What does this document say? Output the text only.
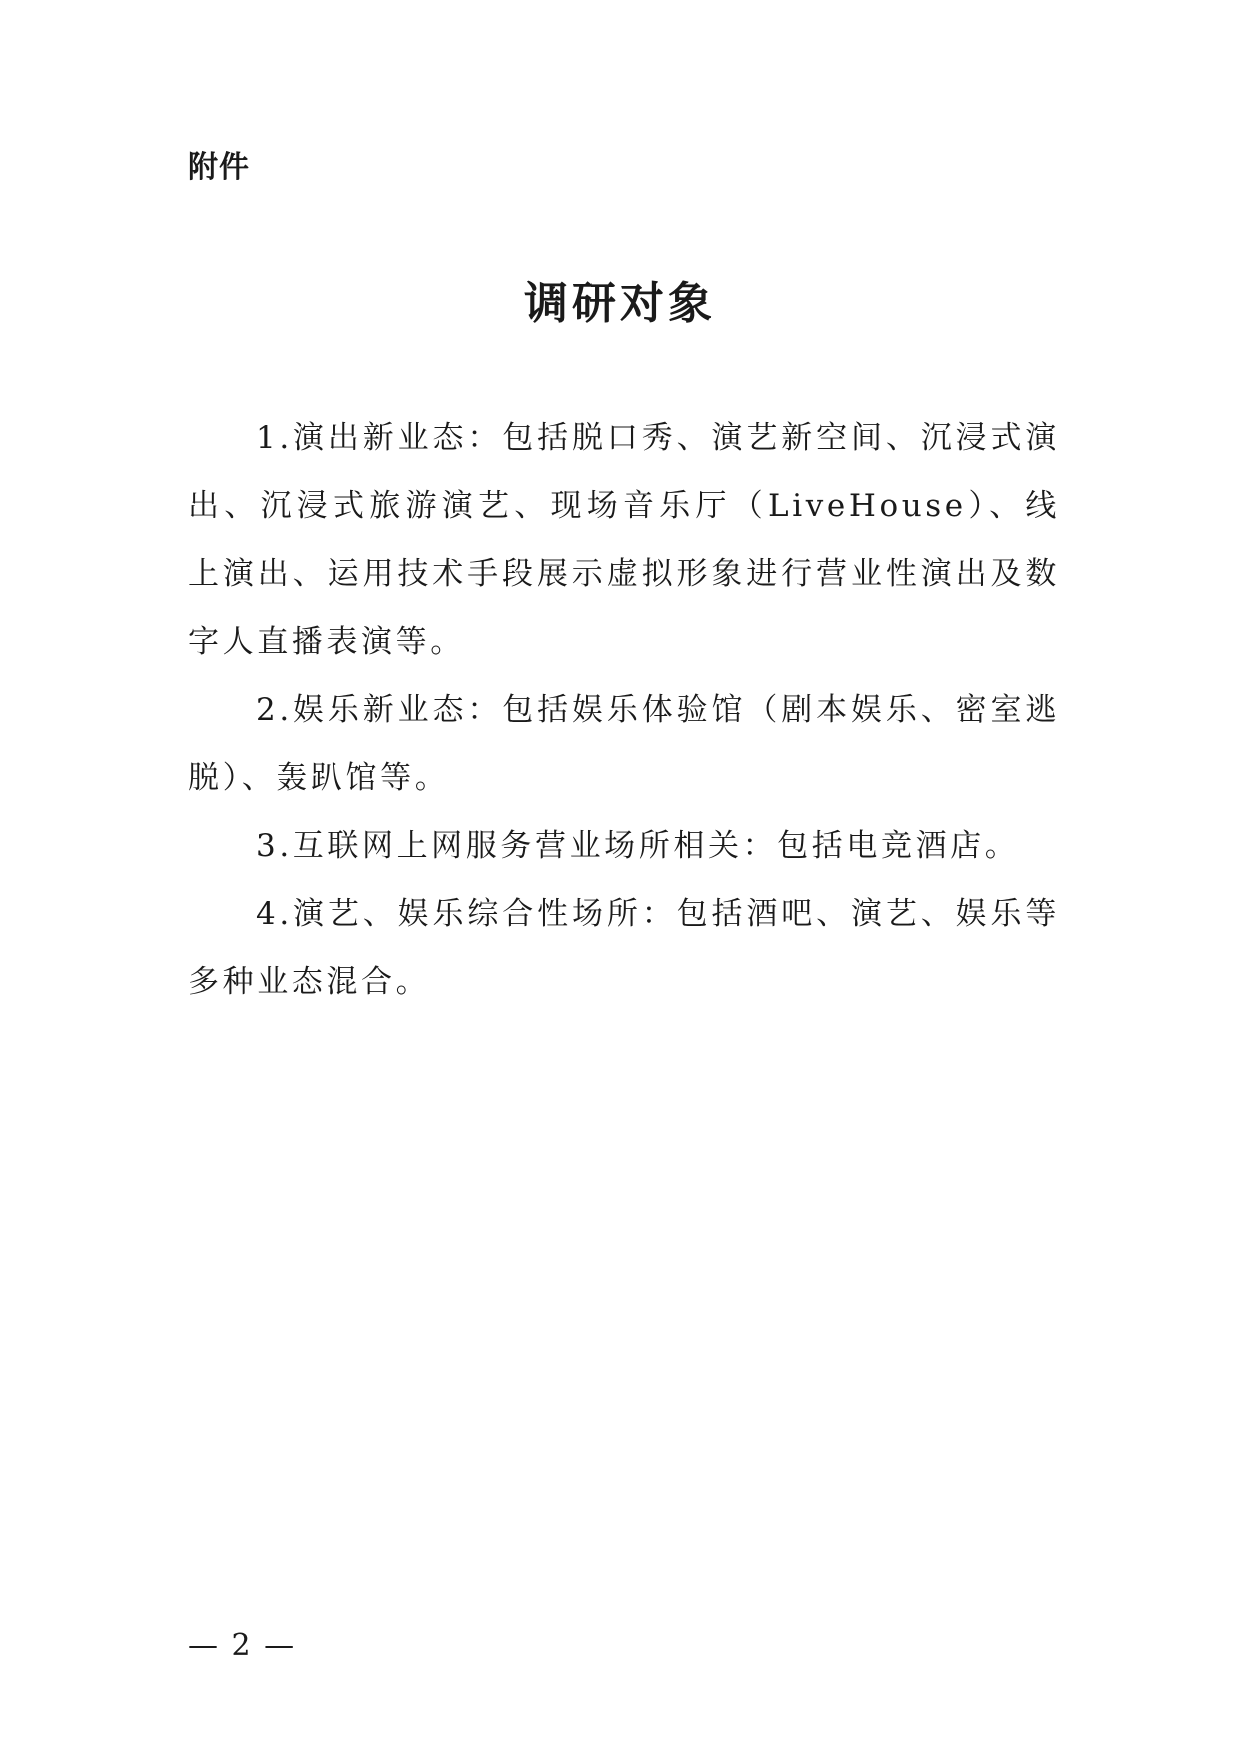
附件
调研对象

1.演出新业态：包括脱口秀、演艺新空间、沉浸式演出、沉浸式旅游演艺、现场音乐厅（LiveHouse）、线上演出、运用技术手段展示虚拟形象进行营业性演出及数字人直播表演等。

2.娱乐新业态：包括娱乐体验馆（剧本娱乐、密室逃脱）、轰趴馆等。

3.互联网上网服务营业场所相关：包括电竞酒店。

4.演艺、娱乐综合性场所：包括酒吧、演艺、娱乐等多种业态混合。

— 2 —
